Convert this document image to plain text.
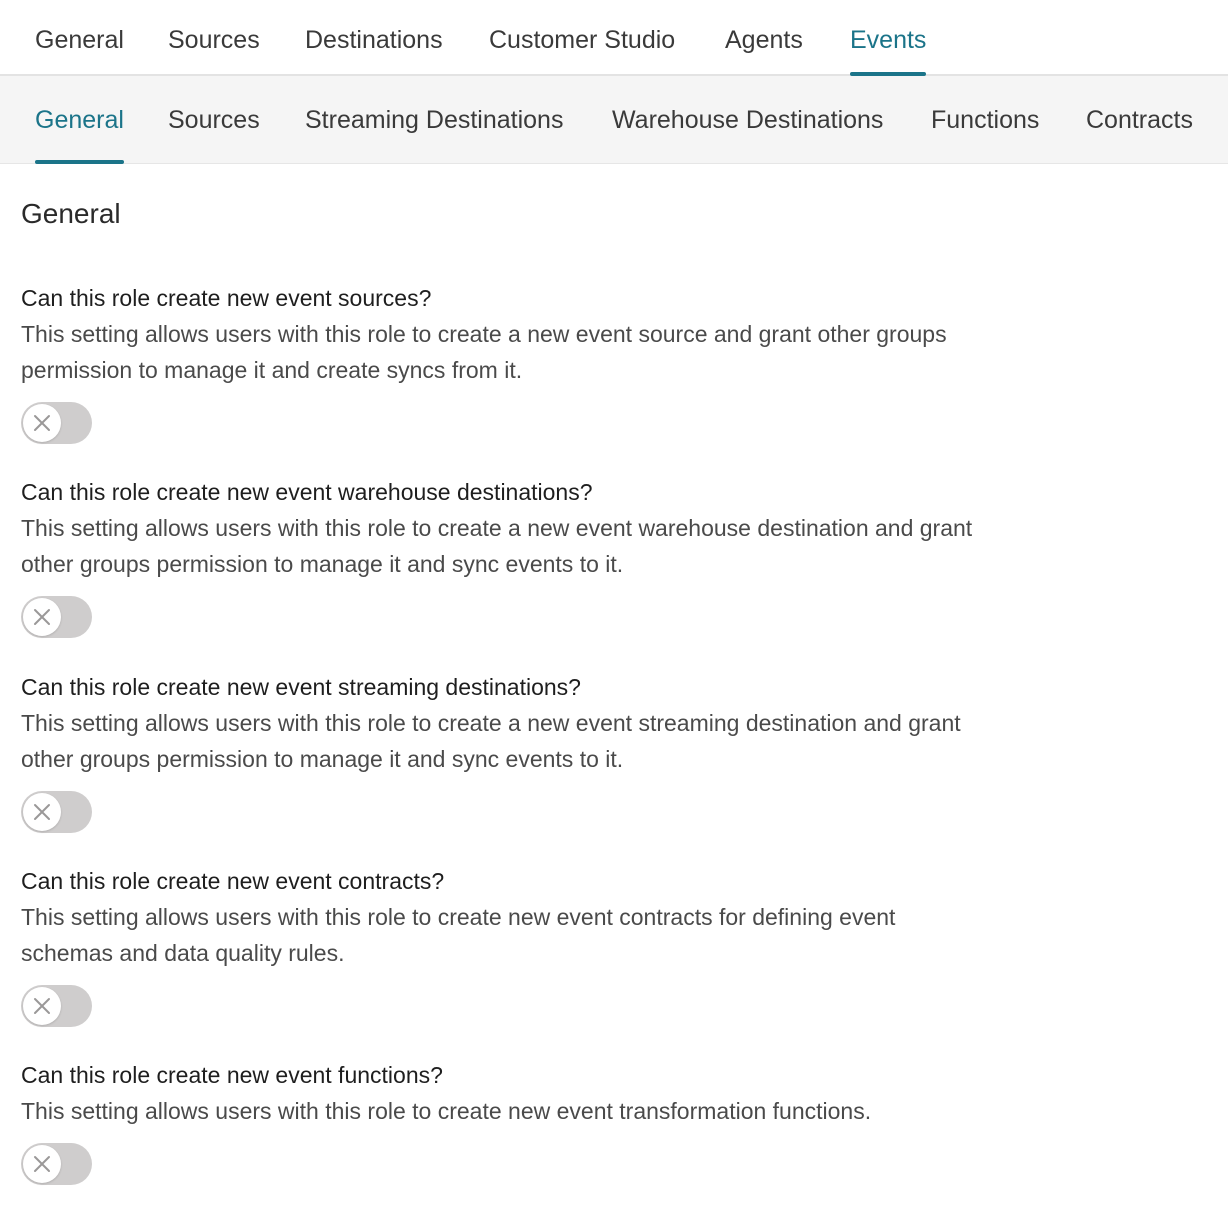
General Sources Destinations Customer Studio Agents Events
General Sources Streaming Destinations Warehouse Destinations Functions Contracts
General

Can this role create new event sources?

This setting allows users with this role to create a new event source and grant other groups
permission to manage it and create syncs from it.

Can this role create new event warehouse destinations?

This setting allows users with this role to create a new event warehouse destination and grant
other groups permission to manage it and sync events to it.

Can this role create new event streaming destinations?

This setting allows users with this role to create a new event streaming destination and grant
other groups permission to manage it and sync events to it.

Can this role create new event contracts?

This setting allows users with this role to create new event contracts for defining event
schemas and data quality rules.

Can this role create new event functions?

This setting allows users with this role to create new event transformation functions.
